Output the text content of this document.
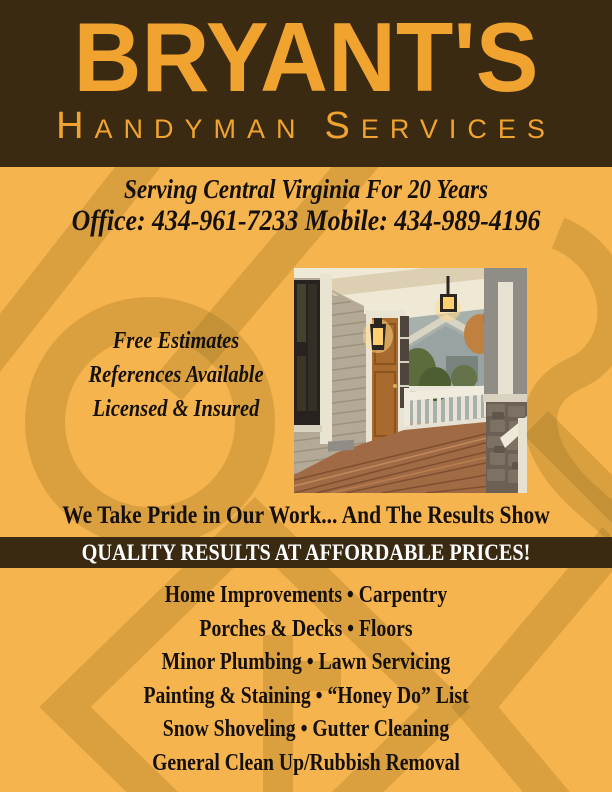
BRYANT'S
HANDYMAN SERVICES
Serving Central Virginia For 20 Years
Office: 434-961-7233 Mobile: 434-989-4196
Free Estimates
References Available
Licensed & Insured
We Take Pride in Our Work... And The Results Show
QUALITY RESULTS AT AFFORDABLE PRICES!
Home Improvements • Carpentry
Porches & Decks • Floors
Minor Plumbing • Lawn Servicing
Painting & Staining • “Honey Do” List
Snow Shoveling • Gutter Cleaning
General Clean Up/Rubbish Removal
